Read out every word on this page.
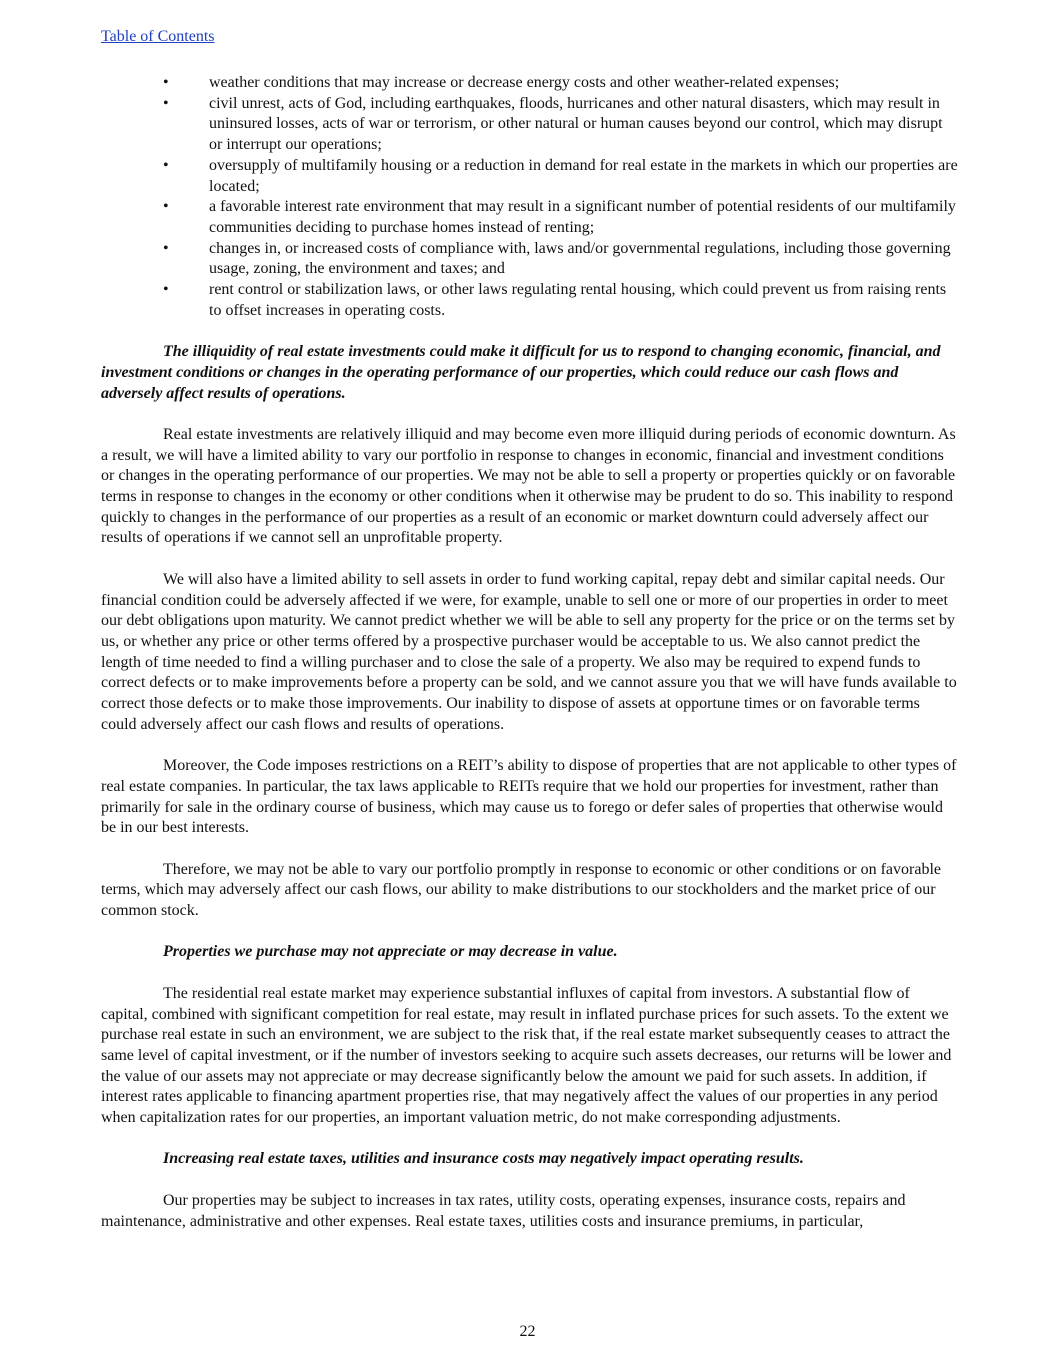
Table of Contents
•	weather conditions that may increase or decrease energy costs and other weather-related expenses;
•	civil unrest, acts of God, including earthquakes, floods, hurricanes and other natural disasters, which may result in uninsured losses, acts of war or terrorism, or other natural or human causes beyond our control, which may disrupt or interrupt our operations;
•	oversupply of multifamily housing or a reduction in demand for real estate in the markets in which our properties are located;
•	a favorable interest rate environment that may result in a significant number of potential residents of our multifamily communities deciding to purchase homes instead of renting;
•	changes in, or increased costs of compliance with, laws and/or governmental regulations, including those governing usage, zoning, the environment and taxes; and
•	rent control or stabilization laws, or other laws regulating rental housing, which could prevent us from raising rents to offset increases in operating costs.

The illiquidity of real estate investments could make it difficult for us to respond to changing economic, financial, and investment conditions or changes in the operating performance of our properties, which could reduce our cash flows and adversely affect results of operations.

Real estate investments are relatively illiquid and may become even more illiquid during periods of economic downturn. As a result, we will have a limited ability to vary our portfolio in response to changes in economic, financial and investment conditions or changes in the operating performance of our properties. We may not be able to sell a property or properties quickly or on favorable terms in response to changes in the economy or other conditions when it otherwise may be prudent to do so. This inability to respond quickly to changes in the performance of our properties as a result of an economic or market downturn could adversely affect our results of operations if we cannot sell an unprofitable property.

We will also have a limited ability to sell assets in order to fund working capital, repay debt and similar capital needs. Our financial condition could be adversely affected if we were, for example, unable to sell one or more of our properties in order to meet our debt obligations upon maturity. We cannot predict whether we will be able to sell any property for the price or on the terms set by us, or whether any price or other terms offered by a prospective purchaser would be acceptable to us. We also cannot predict the length of time needed to find a willing purchaser and to close the sale of a property. We also may be required to expend funds to correct defects or to make improvements before a property can be sold, and we cannot assure you that we will have funds available to correct those defects or to make those improvements. Our inability to dispose of assets at opportune times or on favorable terms could adversely affect our cash flows and results of operations.

Moreover, the Code imposes restrictions on a REIT’s ability to dispose of properties that are not applicable to other types of real estate companies. In particular, the tax laws applicable to REITs require that we hold our properties for investment, rather than primarily for sale in the ordinary course of business, which may cause us to forego or defer sales of properties that otherwise would be in our best interests.

Therefore, we may not be able to vary our portfolio promptly in response to economic or other conditions or on favorable terms, which may adversely affect our cash flows, our ability to make distributions to our stockholders and the market price of our common stock.

Properties we purchase may not appreciate or may decrease in value.

The residential real estate market may experience substantial influxes of capital from investors. A substantial flow of capital, combined with significant competition for real estate, may result in inflated purchase prices for such assets. To the extent we purchase real estate in such an environment, we are subject to the risk that, if the real estate market subsequently ceases to attract the same level of capital investment, or if the number of investors seeking to acquire such assets decreases, our returns will be lower and the value of our assets may not appreciate or may decrease significantly below the amount we paid for such assets. In addition, if interest rates applicable to financing apartment properties rise, that may negatively affect the values of our properties in any period when capitalization rates for our properties, an important valuation metric, do not make corresponding adjustments.

Increasing real estate taxes, utilities and insurance costs may negatively impact operating results.

Our properties may be subject to increases in tax rates, utility costs, operating expenses, insurance costs, repairs and maintenance, administrative and other expenses. Real estate taxes, utilities costs and insurance premiums, in particular,

22
